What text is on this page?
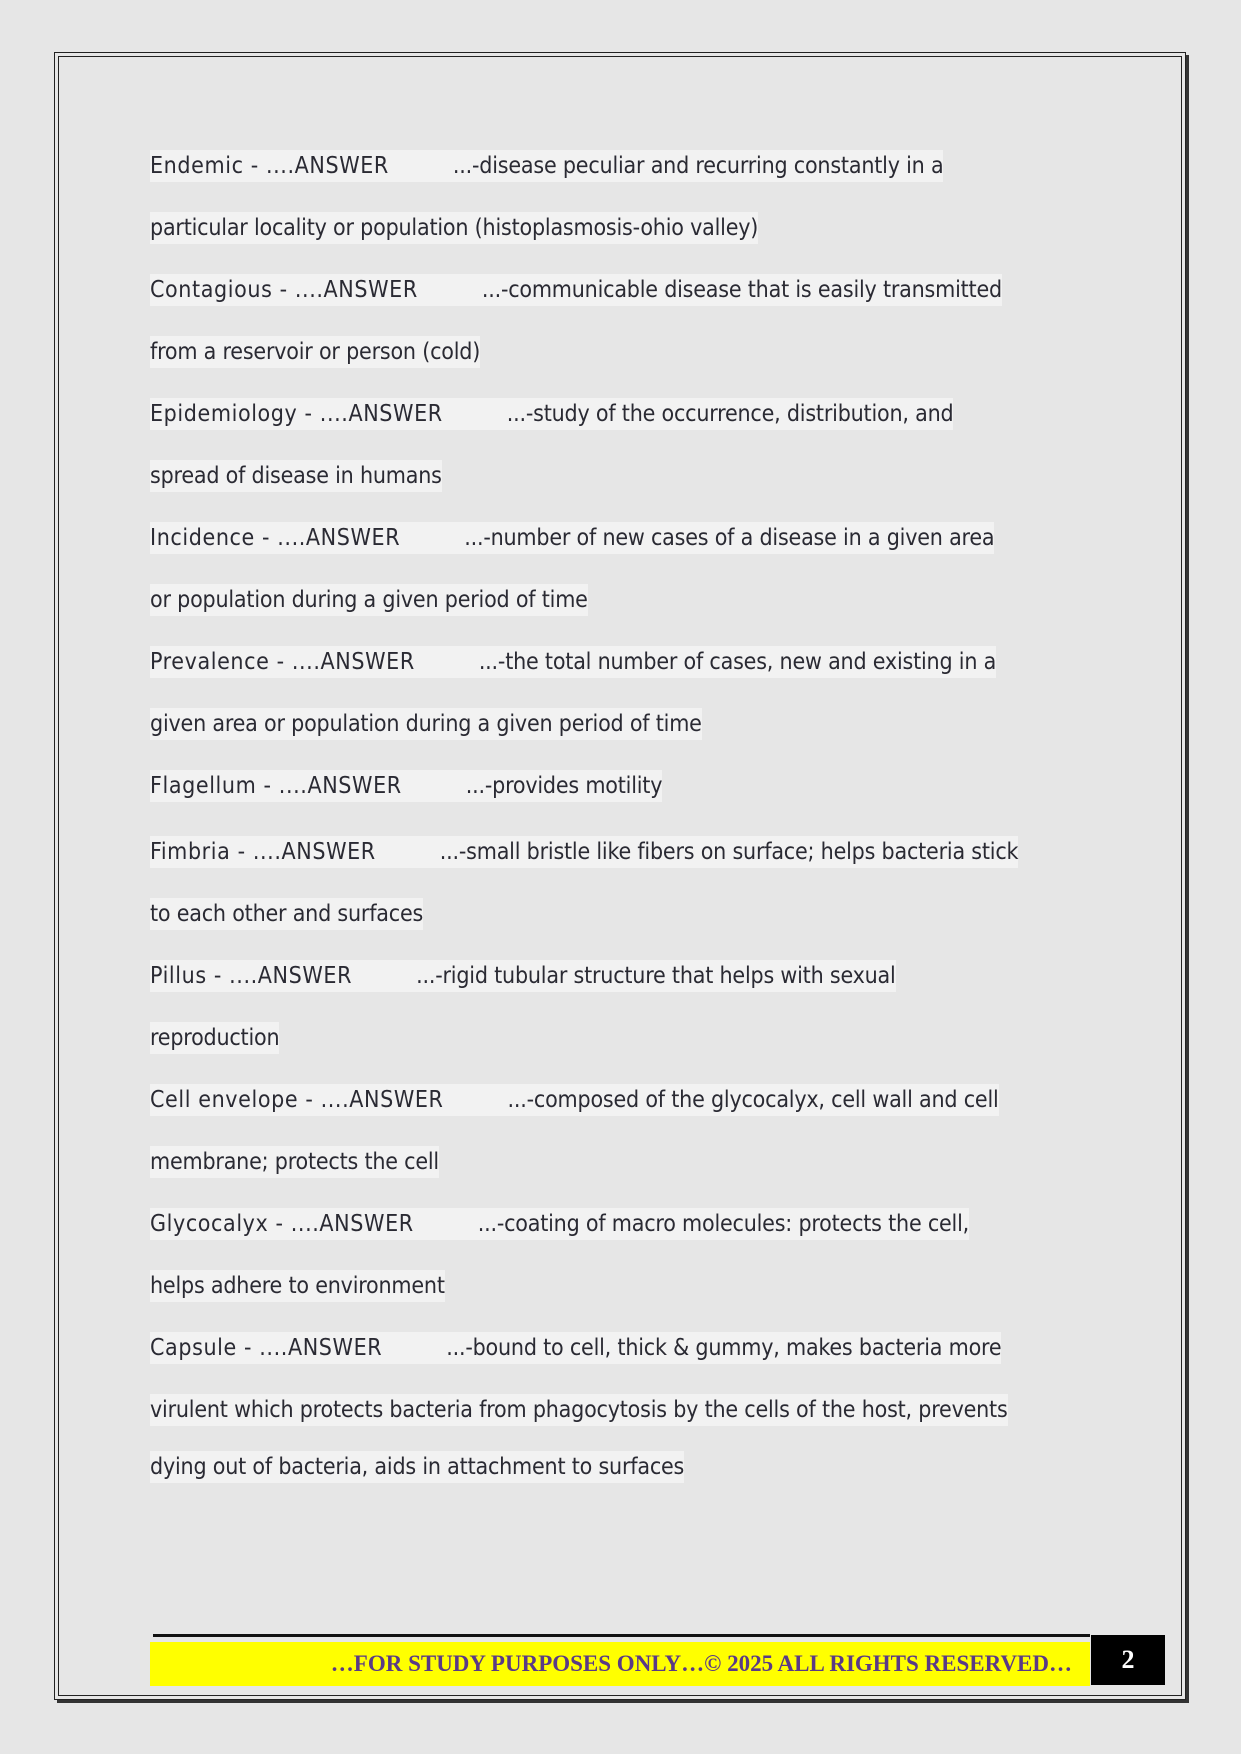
Endemic - ....ANSWER	...-disease peculiar and recurring constantly in a
particular locality or population (histoplasmosis-ohio valley)
Contagious - ....ANSWER	...-communicable disease that is easily transmitted
from a reservoir or person (cold)
Epidemiology - ....ANSWER	...-study of the occurrence, distribution, and
spread of disease in humans
Incidence - ....ANSWER	...-number of new cases of a disease in a given area
or population during a given period of time
Prevalence - ....ANSWER	...-the total number of cases, new and existing in a
given area or population during a given period of time
Flagellum - ....ANSWER	...-provides motility
Fimbria - ....ANSWER	...-small bristle like fibers on surface; helps bacteria stick
to each other and surfaces
Pillus - ....ANSWER	...-rigid tubular structure that helps with sexual
reproduction
Cell envelope - ....ANSWER	...-composed of the glycocalyx, cell wall and cell
membrane; protects the cell
Glycocalyx - ....ANSWER	...-coating of macro molecules: protects the cell,
helps adhere to environment
Capsule - ....ANSWER	...-bound to cell, thick & gummy, makes bacteria more
virulent which protects bacteria from phagocytosis by the cells of the host, prevents
dying out of bacteria, aids in attachment to surfaces
…FOR STUDY PURPOSES ONLY…© 2025 ALL RIGHTS RESERVED…	2
